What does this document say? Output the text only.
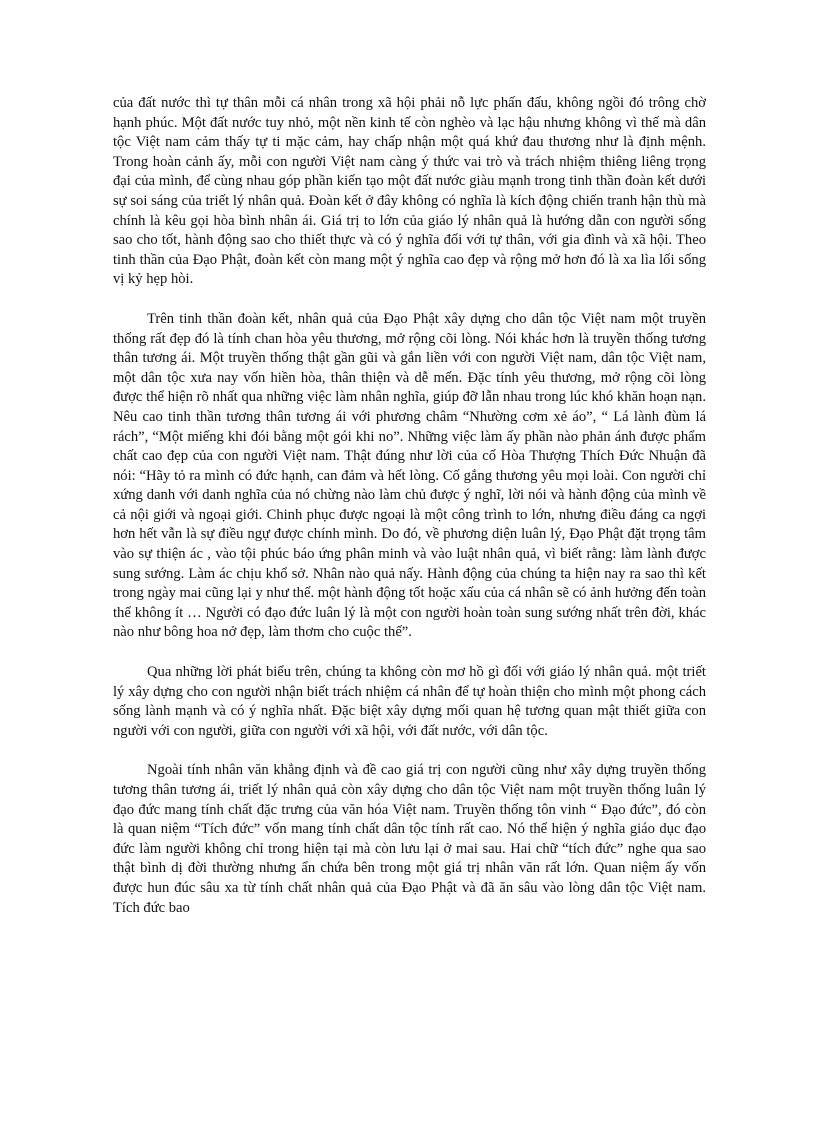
của đất nước thì tự thân mỗi cá nhân trong xã hội phải nỗ lực phấn đấu, không ngồi đó trông chờ hạnh phúc. Một đất nước tuy nhỏ, một nền kinh tế còn nghèo và lạc hậu nhưng không vì thế mà dân tộc Việt nam cảm thấy tự ti mặc cảm, hay chấp nhận một quá khứ đau thương như là định mệnh. Trong hoàn cảnh ấy, mỗi con người Việt nam càng ý thức vai trò và trách nhiệm thiêng liêng trọng đại của mình, để cùng nhau góp phần kiến tạo một đất nước giàu mạnh trong tinh thần đoàn kết dưới sự soi sáng của triết lý nhân quả. Đoàn kết ở đây không có nghĩa là kích động chiến tranh hận thù mà chính là kêu gọi hòa bình nhân ái. Giá trị to lớn của giáo lý nhân quả là hướng dẫn con người sống sao cho tốt, hành động sao cho thiết thực và có ý nghĩa đối với tự thân, với gia đình và xã hội. Theo tinh thần của Đạo Phật, đoàn kết còn mang một ý nghĩa cao đẹp và rộng mở hơn đó là xa lìa lối sống vị kỷ hẹp hòi.

Trên tinh thần đoàn kết, nhân quả của Đạo Phật xây dựng cho dân tộc Việt nam một truyền thống rất đẹp đó là tính chan hòa yêu thương, mở rộng cõi lòng. Nói khác hơn là truyền thống tương thân tương ái. Một truyền thống thật gần gũi và gắn liền với con người Việt nam, dân tộc Việt nam, một dân tộc xưa nay vốn hiền hòa, thân thiện và dễ mến. Đặc tính yêu thương, mở rộng cõi lòng được thể hiện rõ nhất qua những việc làm nhân nghĩa, giúp đỡ lẫn nhau trong lúc khó khăn hoạn nạn. Nêu cao tinh thần tương thân tương ái với phương châm “Nhường cơm xẻ áo”, “ Lá lành đùm lá rách”, “Một miếng khi đói bằng một gói khi no”. Những việc làm ấy phần nào phản ánh được phẩm chất cao đẹp của con người Việt nam. Thật đúng như lời của cố Hòa Thượng Thích Đức Nhuận đã nói: “Hãy tỏ ra mình có đức hạnh, can đảm và hết lòng. Cố gắng thương yêu mọi loài. Con người chỉ xứng danh với danh nghĩa của nó chừng nào làm chủ được ý nghĩ, lời nói và hành động của mình về cả nội giới và ngoại giới. Chinh phục được ngoại là một công trình to lớn, nhưng điều đáng ca ngợi hơn hết vẫn là sự điều ngự được chính mình. Do đó, về phương diện luân lý, Đạo Phật đặt trọng tâm vào sự thiện ác , vào tội phúc báo ứng phân minh và vào luật nhân quả, vì biết rằng: làm lành được sung sướng. Làm ác chịu khổ sở. Nhân nào quả nấy. Hành động của chúng ta hiện nay ra sao thì kết trong ngày mai cũng lại y như thế. một hành động tốt hoặc xấu của cá nhân sẽ có ảnh hưởng đến toàn thể không ít … Người có đạo đức luân lý là một con người hoàn toàn sung sướng nhất trên đời, khác nào như bông hoa nở đẹp, làm thơm cho cuộc thế”.

Qua những lời phát biểu trên, chúng ta không còn mơ hồ gì đối với giáo lý nhân quả. một triết lý xây dựng cho con người nhận biết trách nhiệm cá nhân để tự hoàn thiện cho mình một phong cách sống lành mạnh và có ý nghĩa nhất. Đặc biệt xây dựng mối quan hệ tương quan mật thiết giữa con người với con người, giữa con người với xã hội, với đất nước, với dân tộc.

Ngoài tính nhân văn khẳng định và đề cao giá trị con người cũng như xây dựng truyền thống tương thân tương ái, triết lý nhân quả còn xây dựng cho dân tộc Việt nam một truyền thống luân lý đạo đức mang tính chất đặc trưng của văn hóa Việt nam. Truyền thống tôn vinh “ Đạo đức”, đó còn là quan niệm “Tích đức” vốn mang tính chất dân tộc tính rất cao. Nó thể hiện ý nghĩa giáo dục đạo đức làm người không chỉ trong hiện tại mà còn lưu lại ở mai sau. Hai chữ “tích đức” nghe qua sao thật bình dị đời thường nhưng ẩn chứa bên trong một giá trị nhân văn rất lớn. Quan niệm ấy vốn được hun đúc sâu xa từ tính chất nhân quả của Đạo Phật và đã ăn sâu vào lòng dân tộc Việt nam. Tích đức bao
